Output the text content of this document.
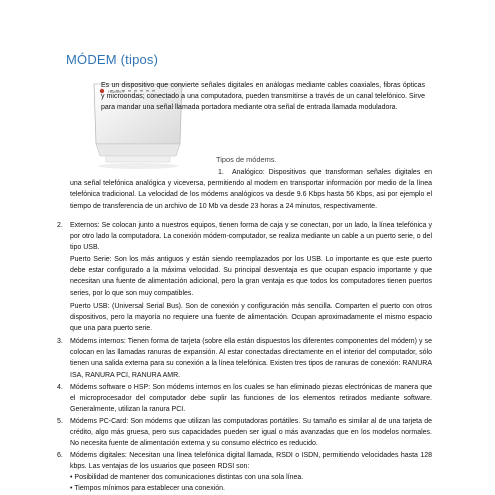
MÓDEM (tipos)
HUAWEI

Es un dispositivo que convierte señales digitales en análogas mediante cables coaxiales, fibras ópticas y microondas; conectado a una computadora, pueden transmitirse a través de un canal telefónico. Sirve para mandar una señal llamada portadora mediante otra señal de entrada llamada moduladora.

Tipos de módems.
1.	Analógico: Dispositivos que transforman señales digitales en una señal telefónica analógica y viceversa, permitiendo al modem en transportar información por medio de la línea telefónica tradicional. La velocidad de los módems analógicos va desde 9.6 Kbps hasta 56 Kbps, asi por ejemplo el tiempo de transferencia de un archivo de 10 Mb va desde 23 horas a 24 minutos, respectivamente.

2. Externos: Se colocan junto a nuestros equipos, tienen forma de caja y se conectan, por un lado, la línea telefónica y por otro lado la computadora. La conexión módem-computador, se realiza mediante un cable a un puerto serie, o del tipo USB.

Puerto Serie: Son los más antiguos y están siendo reemplazados por los USB. Lo importante es que este puerto debe estar configurado a la máxima velocidad. Su principal desventaja es que ocupan espacio importante y que necesitan una fuente de alimentación adicional, pero la gran ventaja es que todos los computadores tienen puertos series, por lo que son muy compatibles.

Puerto USB: (Universal Serial Bus). Son de conexión y configuración más sencilla. Comparten el puerto con otros dispositivos, pero la mayoría no requiere una fuente de alimentación. Ocupan aproximadamente el mismo espacio que una para puerto serie.

3. Módems internos: Tienen forma de tarjeta (sobre ella están dispuestos los diferentes componentes del módem) y se colocan en las llamadas ranuras de expansión. Al estar conectadas directamente en el interior del computador, sólo tienen una salida externa para su conexión a la línea telefónica. Existen tres tipos de ranuras de conexión: RANURA ISA, RANURA PCI, RANURA AMR.

4. Módems software o HSP: Son módems internos en los cuales se han eliminado piezas electrónicas de manera que el microprocesador del computador debe suplir las funciones de los elementos retirados mediante software. Generalmente, utilizan la ranura PCI.

5. Módems PC-Card: Son módems que utilizan las computadoras portátiles. Su tamaño es similar al de una tarjeta de crédito, algo más gruesa, pero sus capacidades pueden ser igual o más avanzadas que en los modelos normales. No necesita fuente de alimentación externa y su consumo eléctrico es reducido.

6. Módems digitales: Necesitan una línea telefónica digital llamada, RSDI o ISDN, permitiendo velocidades hasta 128 kbps. Las ventajas de los usuarios que poseen RDSI son:

• Posibilidad de mantener dos comunicaciones distintas con una sola línea.
• Tiempos mínimos para establecer una conexión.
